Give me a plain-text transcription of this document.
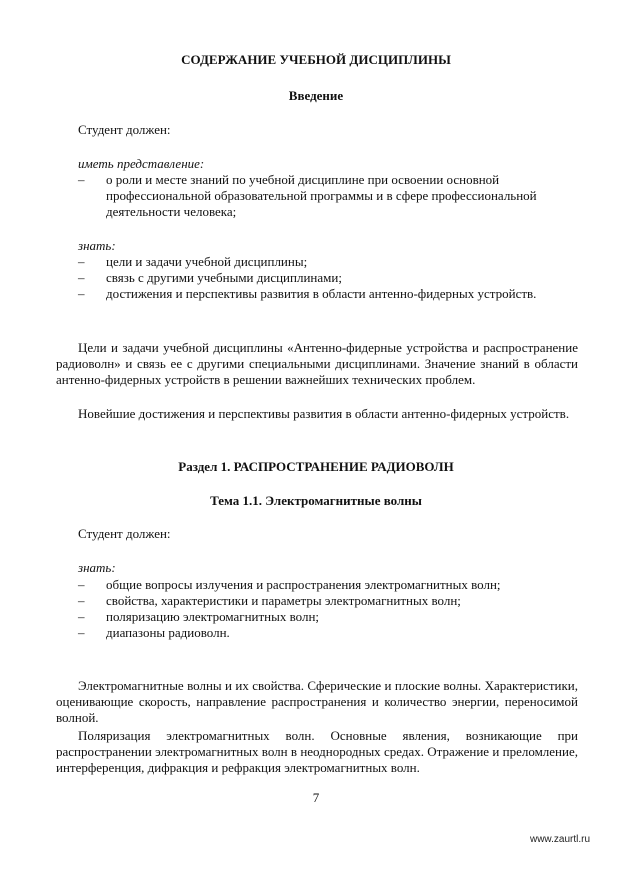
СОДЕРЖАНИЕ УЧЕБНОЙ ДИСЦИПЛИНЫ
Введение
Студент должен:
иметь представление:
– о роли и месте знаний по учебной дисциплине при освоении основной профессиональной образовательной программы и в сфере профессиональной деятельности человека;
знать:
– цели и задачи учебной дисциплины;
– связь с другими учебными дисциплинами;
– достижения и перспективы развития в области антенно-фидерных устройств.
Цели и задачи учебной дисциплины «Антенно-фидерные устройства и распространение радиоволн» и связь ее с другими специальными дисциплинами. Значение знаний в области антенно-фидерных устройств в решении важнейших технических проблем.
Новейшие достижения и перспективы развития в области антенно-фидерных устройств.
Раздел 1. РАСПРОСТРАНЕНИЕ РАДИОВОЛН
Тема 1.1. Электромагнитные волны
Студент должен:
знать:
– общие вопросы излучения и распространения электромагнитных волн;
– свойства, характеристики и параметры электромагнитных волн;
– поляризацию электромагнитных волн;
– диапазоны радиоволн.
Электромагнитные волны и их свойства. Сферические и плоские волны. Характеристики, оценивающие скорость, направление распространения и количество энергии, переносимой волной.
Поляризация электромагнитных волн. Основные явления, возникающие при распространении электромагнитных волн в неоднородных средах. Отражение и преломление, интерференция, дифракция и рефракция электромагнитных волн.
7
www.zaurtl.ru
